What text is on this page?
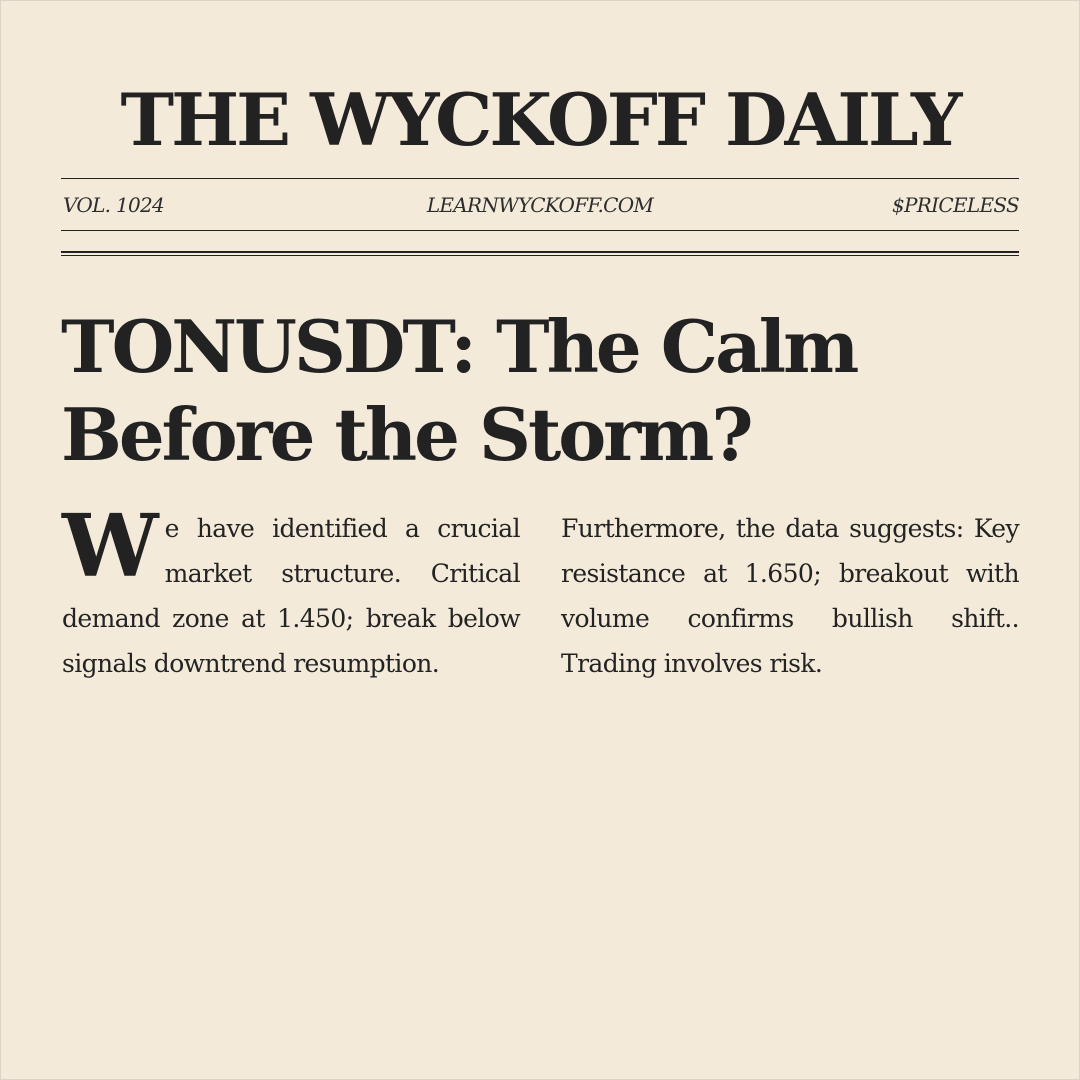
THE WYCKOFF DAILY
VOL. 1024	LEARNWYCKOFF.COM	$PRICELESS
TONUSDT: The Calm Before the Storm?

We have identified a crucial market structure. Critical demand zone at 1.450; break below signals downtrend resumption.

Furthermore, the data suggests: Key resistance at 1.650; breakout with volume confirms bullish shift.. Trading involves risk.
